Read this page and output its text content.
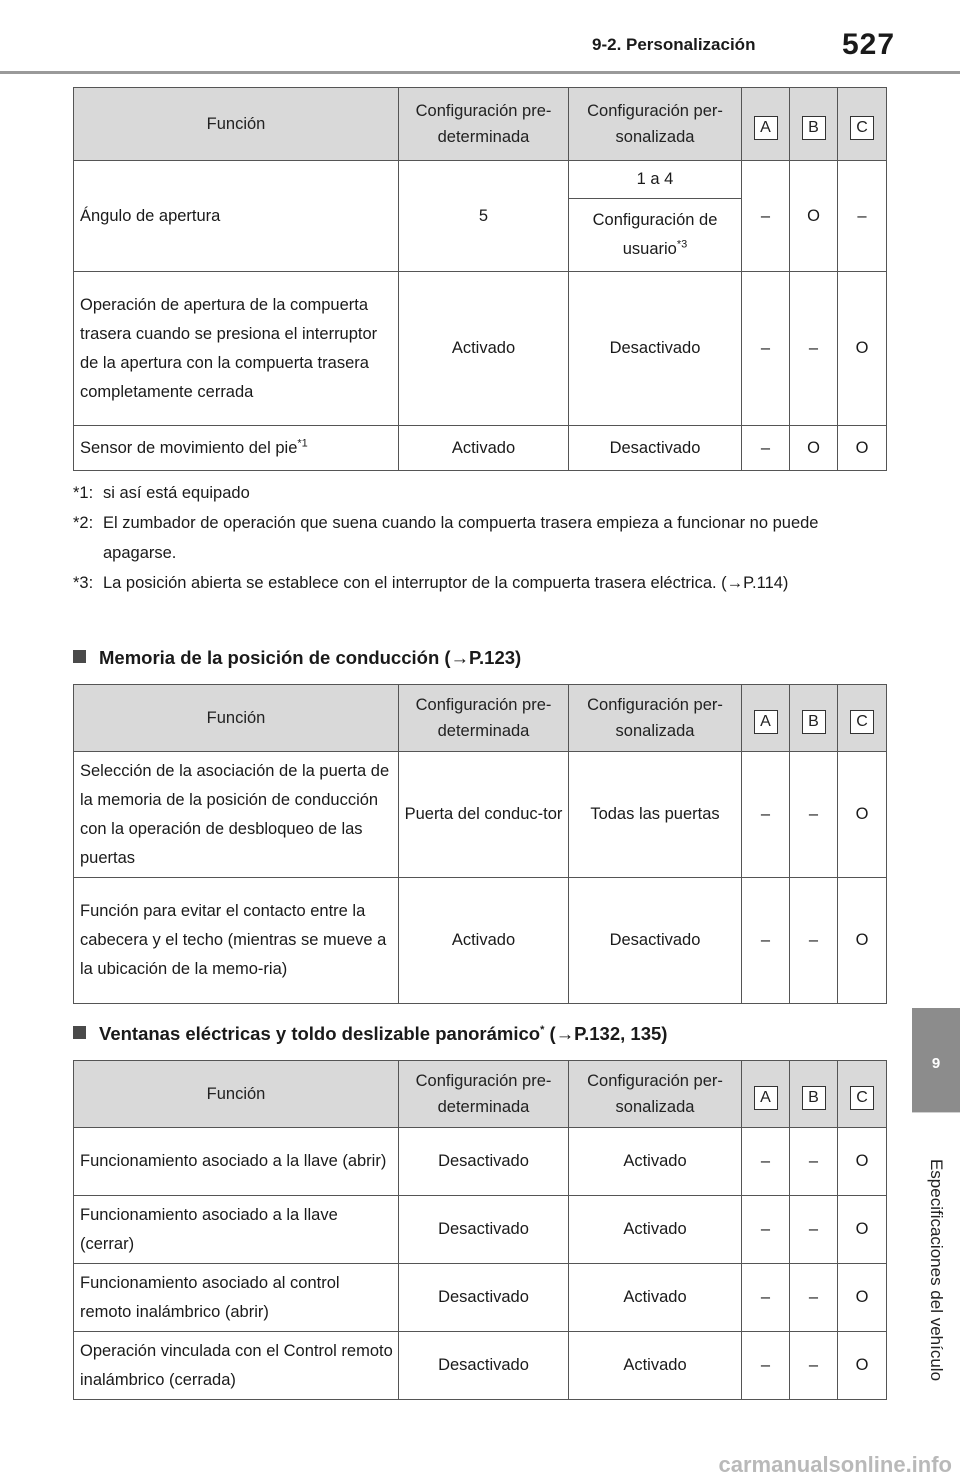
9-2. Personalización	527
9
Especificaciones del vehículo
Función	Configuración pre-determinada	Configuración per-sonalizada	A	B	C
Ángulo de apertura	5	1 a 4	–	O	–
		Configuración de usuario$^{*3}$
Operación de apertura de la compuerta trasera cuando se presiona el interruptor de la apertura con la compuerta trasera completamente cerrada	Activado	Desactivado	–	–	O
Sensor de movimiento del pie$^{*1}$	Activado	Desactivado	–	O	O
*1: si así está equipado
*2: El zumbador de operación que suena cuando la compuerta trasera empieza a funcionar no puede apagarse.
*3: La posición abierta se establece con el interruptor de la compuerta trasera eléctrica. (→P.114)
Memoria de la posición de conducción (→P.123)
Función	Configuración pre-determinada	Configuración per-sonalizada	A	B	C
Selección de la asociación de la puerta de la memoria de la posición de conducción con la operación de desbloqueo de las puertas	Puerta del conduc-tor	Todas las puertas	–	–	O
Función para evitar el contacto entre la cabecera y el techo (mientras se mueve a la ubicación de la memo-ria)	Activado	Desactivado	–	–	O
Ventanas eléctricas y toldo deslizable panorámico* (→P.132, 135)
Función	Configuración pre-determinada	Configuración per-sonalizada	A	B	C
Funcionamiento asociado a la llave (abrir)	Desactivado	Activado	–	–	O
Funcionamiento asociado a la llave (cerrar)	Desactivado	Activado	–	–	O
Funcionamiento asociado al control remoto inalámbrico (abrir)	Desactivado	Activado	–	–	O
Operación vinculada con el Control remoto inalámbrico (cerrada)	Desactivado	Activado	–	–	O
carmanualsonline.info
